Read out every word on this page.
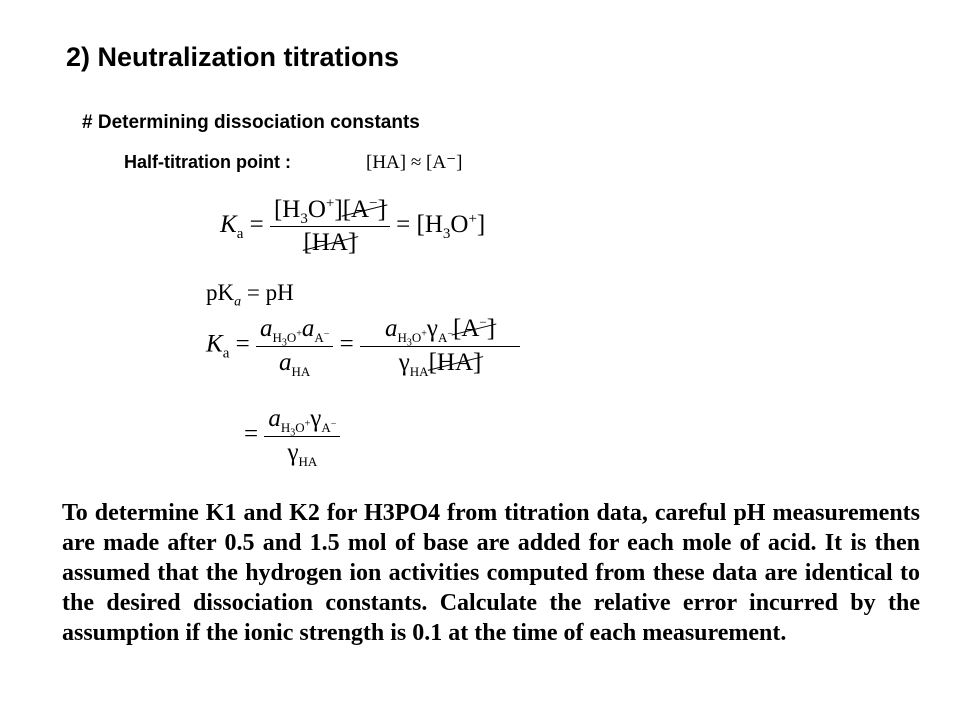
2) Neutralization titrations
# Determining dissociation constants
Half-titration point :	[HA] ≈ [A⁻]
$K_a = \frac{[H_3O^+][A^-]}{[HA]} = [H_3O^+]$
$pK_a$ = pH
$K_a = \frac{a_{H_3O^+}a_{A^-}}{a_{HA}} = \frac{a_{H_3O^+}\gamma_{A^-}[A^-]}{\gamma_{HA}[HA]}$
= $\frac{a_{H_3O^+}\gamma_{A^-}}{\gamma_{HA}}$

To determine K1 and K2 for H3PO4 from titration data, careful pH measurements are made after 0.5 and 1.5 mol of base are added for each mole of acid. It is then assumed that the hydrogen ion activities computed from these data are identical to the desired dissociation constants. Calculate the relative error incurred by the assumption if the ionic strength is 0.1 at the time of each measurement.
